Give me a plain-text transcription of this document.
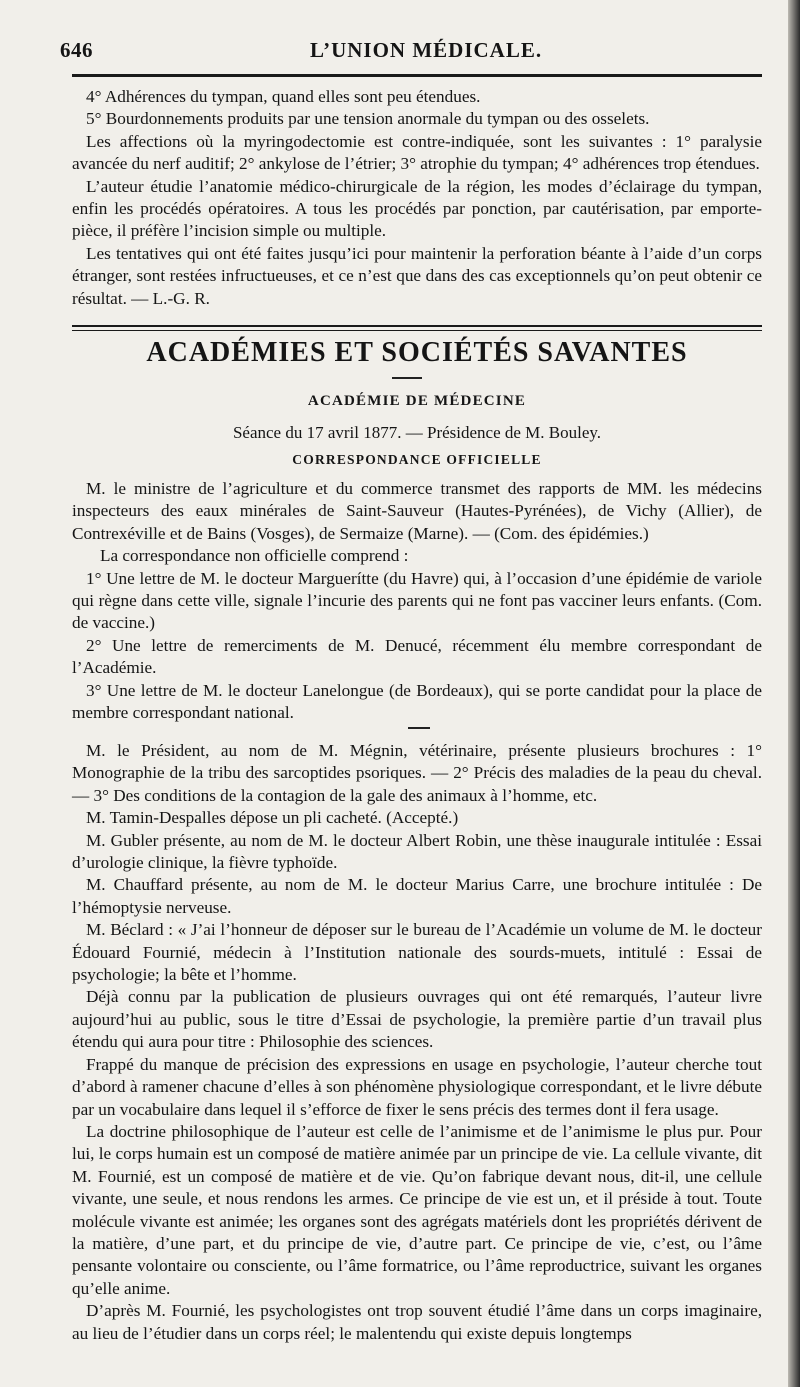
646	L’UNION MÉDICALE.

4° Adhérences du tympan, quand elles sont peu étendues.

5° Bourdonnements produits par une tension anormale du tympan ou des osselets.

Les affections où la myringodectomie est contre-indiquée, sont les suivantes : 1° paralysie avancée du nerf auditif; 2° ankylose de l’étrier; 3° atrophie du tympan; 4° adhérences trop étendues.

L’auteur étudie l’anatomie médico-chirurgicale de la région, les modes d’éclairage du tympan, enfin les procédés opératoires. A tous les procédés par ponction, par cautérisation, par emporte-pièce, il préfère l’incision simple ou multiple.

Les tentatives qui ont été faites jusqu’ici pour maintenir la perforation béante à l’aide d’un corps étranger, sont restées infructueuses, et ce n’est que dans des cas exceptionnels qu’on peut obtenir ce résultat. — L.-G. R.

ACADÉMIES ET SOCIÉTÉS SAVANTES
ACADÉMIE DE MÉDECINE
Séance du 17 avril 1877. — Présidence de M. Bouley.
CORRESPONDANCE OFFICIELLE

M. le ministre de l’agriculture et du commerce transmet des rapports de MM. les médecins inspecteurs des eaux minérales de Saint-Sauveur (Hautes-Pyrénées), de Vichy (Allier), de Contrexéville et de Bains (Vosges), de Sermaize (Marne). — (Com. des épidémies.)

La correspondance non officielle comprend :

1° Une lettre de M. le docteur Marguerítte (du Havre) qui, à l’occasion d’une épidémie de variole qui règne dans cette ville, signale l’incurie des parents qui ne font pas vacciner leurs enfants. (Com. de vaccine.)

2° Une lettre de remerciments de M. Denucé, récemment élu membre correspondant de l’Académie.

3° Une lettre de M. le docteur Lanelongue (de Bordeaux), qui se porte candidat pour la place de membre correspondant national.

M. le Président, au nom de M. Mégnin, vétérinaire, présente plusieurs brochures : 1° Monographie de la tribu des sarcoptides psoriques. — 2° Précis des maladies de la peau du cheval. — 3° Des conditions de la contagion de la gale des animaux à l’homme, etc.

M. Tamin-Despalles dépose un pli cacheté. (Accepté.)

M. Gubler présente, au nom de M. le docteur Albert Robin, une thèse inaugurale intitulée : Essai d’urologie clinique, la fièvre typhoïde.

M. Chauffard présente, au nom de M. le docteur Marius Carre, une brochure intitulée : De l’hémoptysie nerveuse.

M. Béclard : « J’ai l’honneur de déposer sur le bureau de l’Académie un volume de M. le docteur Édouard Fournié, médecin à l’Institution nationale des sourds-muets, intitulé : Essai de psychologie; la bête et l’homme.

Déjà connu par la publication de plusieurs ouvrages qui ont été remarqués, l’auteur livre aujourd’hui au public, sous le titre d’Essai de psychologie, la première partie d’un travail plus étendu qui aura pour titre : Philosophie des sciences.

Frappé du manque de précision des expressions en usage en psychologie, l’auteur cherche tout d’abord à ramener chacune d’elles à son phénomène physiologique correspondant, et le livre débute par un vocabulaire dans lequel il s’efforce de fixer le sens précis des termes dont il fera usage.

La doctrine philosophique de l’auteur est celle de l’animisme et de l’animisme le plus pur. Pour lui, le corps humain est un composé de matière animée par un principe de vie. La cellule vivante, dit M. Fournié, est un composé de matière et de vie. Qu’on fabrique devant nous, dit-il, une cellule vivante, une seule, et nous rendons les armes. Ce principe de vie est un, et il préside à tout. Toute molécule vivante est animée; les organes sont des agrégats matériels dont les propriétés dérivent de la matière, d’une part, et du principe de vie, d’autre part. Ce principe de vie, c’est, ou l’âme pensante volontaire ou consciente, ou l’âme formatrice, ou l’âme reproductrice, suivant les organes qu’elle anime.

D’après M. Fournié, les psychologistes ont trop souvent étudié l’âme dans un corps imaginaire, au lieu de l’étudier dans un corps réel; le malentendu qui existe depuis longtemps
